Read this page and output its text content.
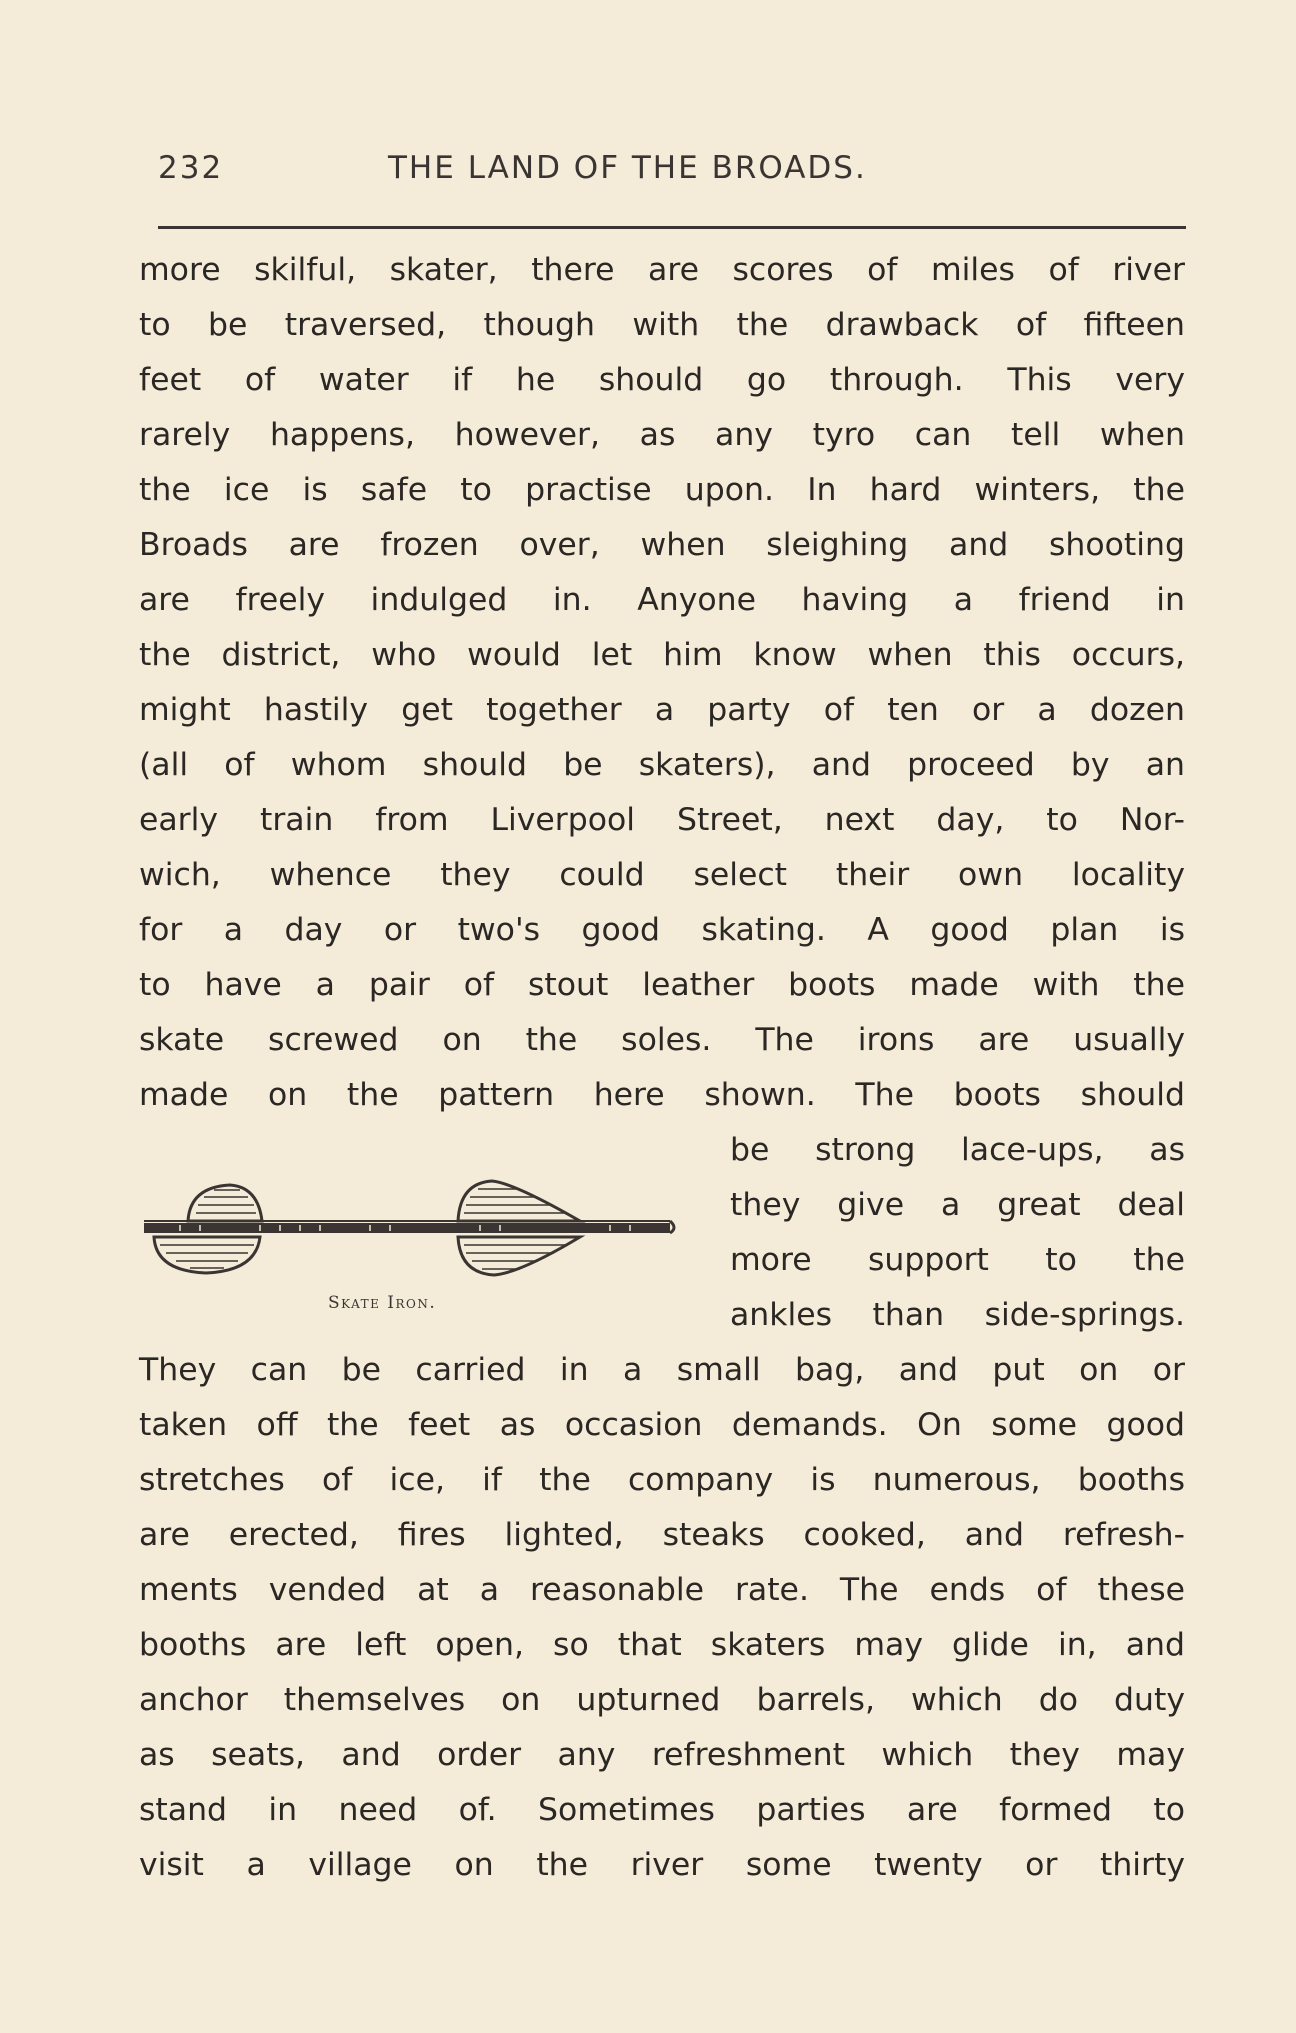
232	THE LAND OF THE BROADS.
more skilful, skater, there are scores of miles of river
to be traversed, though with the drawback of fifteen
feet of water if he should go through. This very
rarely happens, however, as any tyro can tell when
the ice is safe to practise upon. In hard winters, the
Broads are frozen over, when sleighing and shooting
are freely indulged in. Anyone having a friend in
the district, who would let him know when this occurs,
might hastily get together a party of ten or a dozen
(all of whom should be skaters), and proceed by an
early train from Liverpool Street, next day, to Nor-
wich, whence they could select their own locality
for a day or two's good skating. A good plan is
to have a pair of stout leather boots made with the
skate screwed on the soles. The irons are usually
made on the pattern here shown. The boots should
be strong lace-ups, as
they give a great deal
more support to the
ankles than side-springs.
Skate Iron.
They can be carried in a small bag, and put on or
taken off the feet as occasion demands. On some good
stretches of ice, if the company is numerous, booths
are erected, fires lighted, steaks cooked, and refresh-
ments vended at a reasonable rate. The ends of these
booths are left open, so that skaters may glide in, and
anchor themselves on upturned barrels, which do duty
as seats, and order any refreshment which they may
stand in need of. Sometimes parties are formed to
visit a village on the river some twenty or thirty
